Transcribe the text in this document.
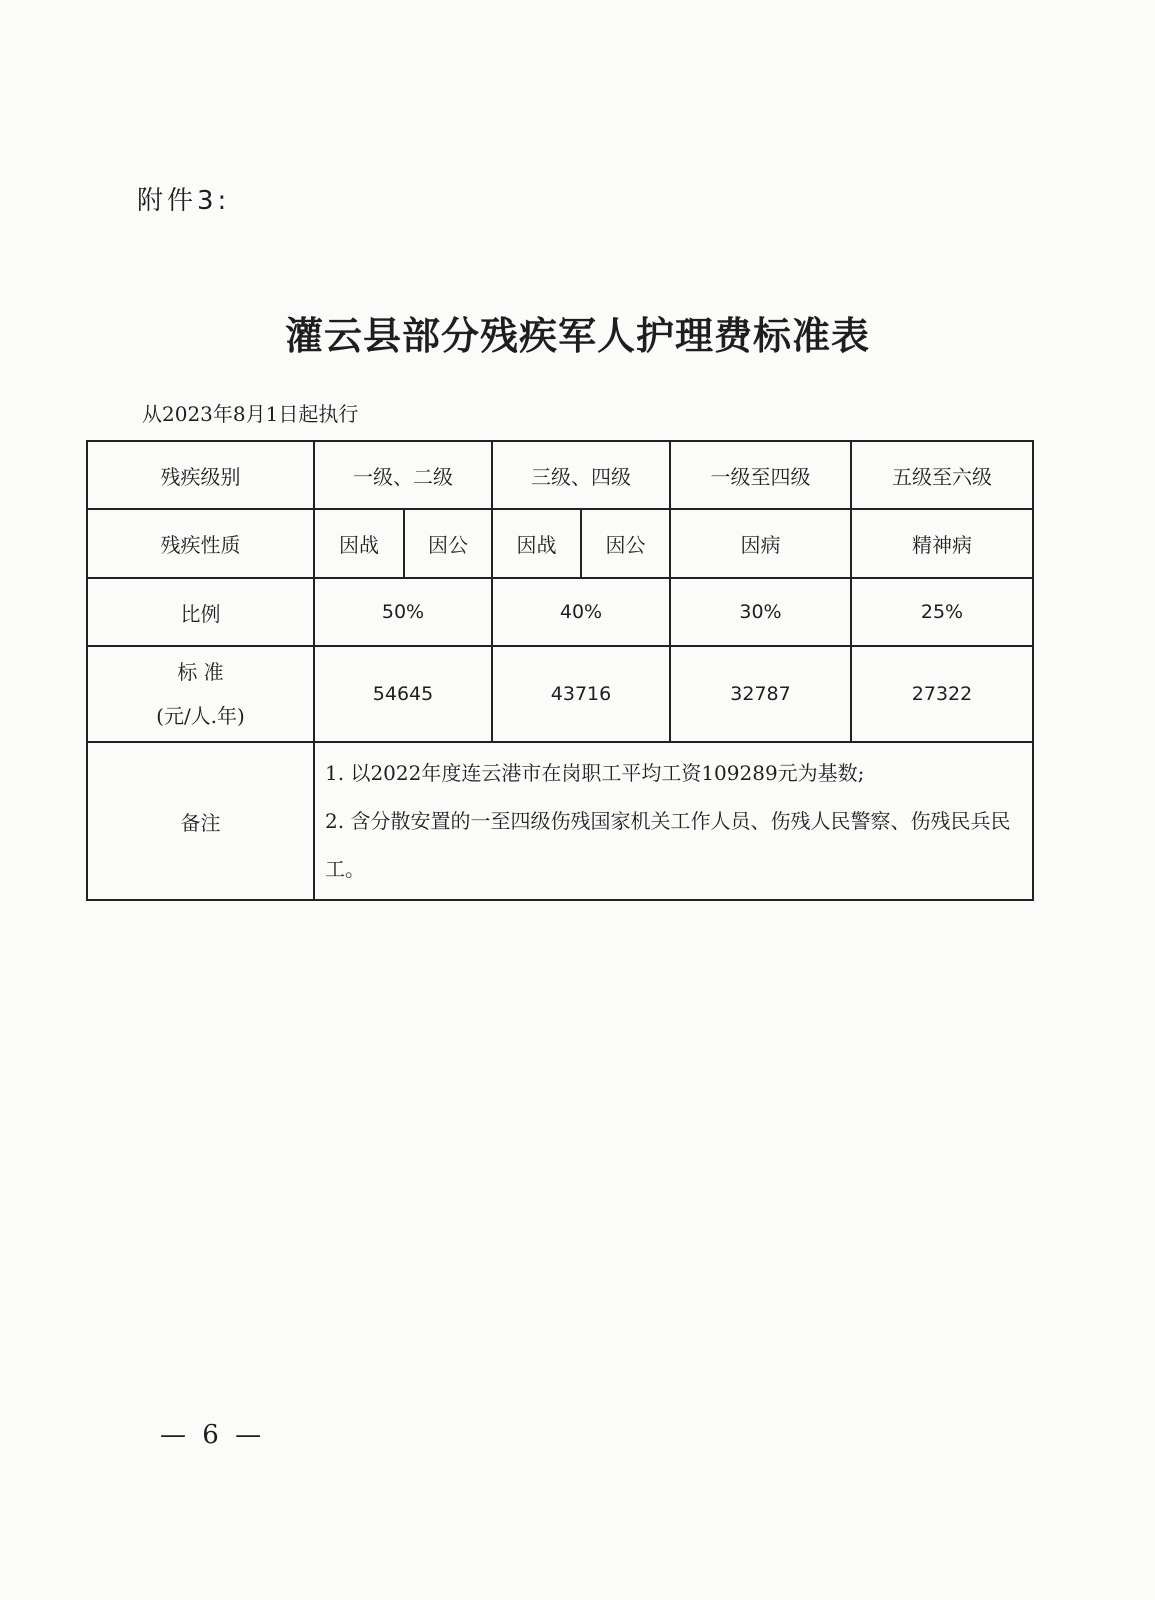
附件3:
灌云县部分残疾军人护理费标准表
从2023年8月1日起执行
残疾级别	一级、二级		三级、四级		一级至四级	五级至六级
残疾性质	因战	因公	因战	因公	因病	精神病
比例	50%		40%		30%	25%

标 准
(元/人.年)	54645		43716		32787	27322
备注	1. 以2022年度连云港市在岗职工平均工资109289元为基数;
2. 含分散安置的一至四级伤残国家机关工作人员、伤残人民警察、伤残民兵民工。					
— 6 —
